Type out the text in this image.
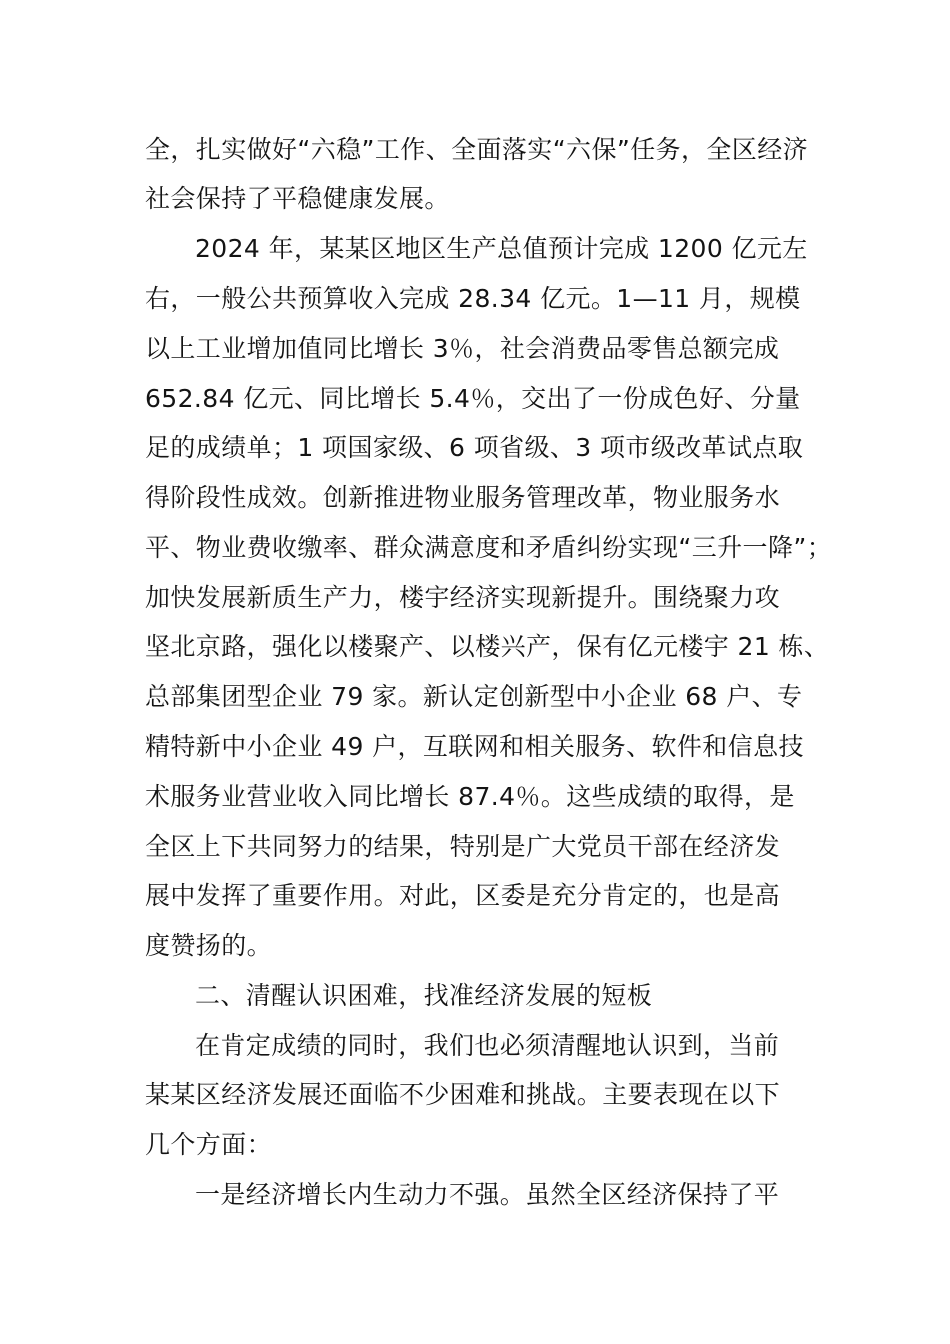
全，扎实做好“六稳”工作、全面落实“六保”任务，全区经济
社会保持了平稳健康发展。
2024 年，某某区地区生产总值预计完成 1200 亿元左
右，一般公共预算收入完成 28.34 亿元。1—11 月，规模
以上工业增加值同比增长 3％，社会消费品零售总额完成
652.84 亿元、同比增长 5.4％，交出了一份成色好、分量
足的成绩单；1 项国家级、6 项省级、3 项市级改革试点取
得阶段性成效。创新推进物业服务管理改革，物业服务水
平、物业费收缴率、群众满意度和矛盾纠纷实现“三升一降”；
加快发展新质生产力，楼宇经济实现新提升。围绕聚力攻
坚北京路，强化以楼聚产、以楼兴产，保有亿元楼宇 21 栋、
总部集团型企业 79 家。新认定创新型中小企业 68 户、专
精特新中小企业 49 户，互联网和相关服务、软件和信息技
术服务业营业收入同比增长 87.4％。这些成绩的取得，是
全区上下共同努力的结果，特别是广大党员干部在经济发
展中发挥了重要作用。对此，区委是充分肯定的，也是高
度赞扬的。
二、清醒认识困难，找准经济发展的短板
在肯定成绩的同时，我们也必须清醒地认识到，当前
某某区经济发展还面临不少困难和挑战。主要表现在以下
几个方面：
一是经济增长内生动力不强。虽然全区经济保持了平
